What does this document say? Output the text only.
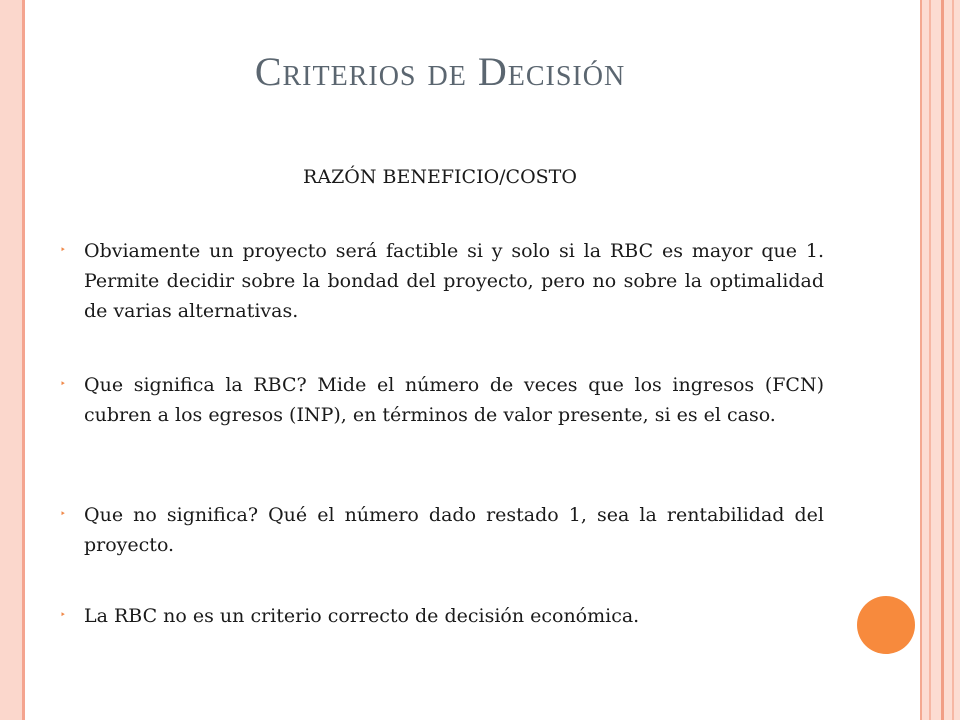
Criterios de Decisión
RAZÓN BENEFICIO/COSTO
‣ Obviamente un proyecto será factible si y solo si la RBC es mayor que 1. Permite decidir sobre la bondad del proyecto, pero no sobre la optimalidad de varias alternativas.
‣ Que significa la RBC? Mide el número de veces que los ingresos (FCN) cubren a los egresos (INP), en términos de valor presente, si es el caso.
‣ Que no significa? Qué el número dado restado 1, sea la rentabilidad del proyecto.
‣ La RBC no es un criterio correcto de decisión económica.
